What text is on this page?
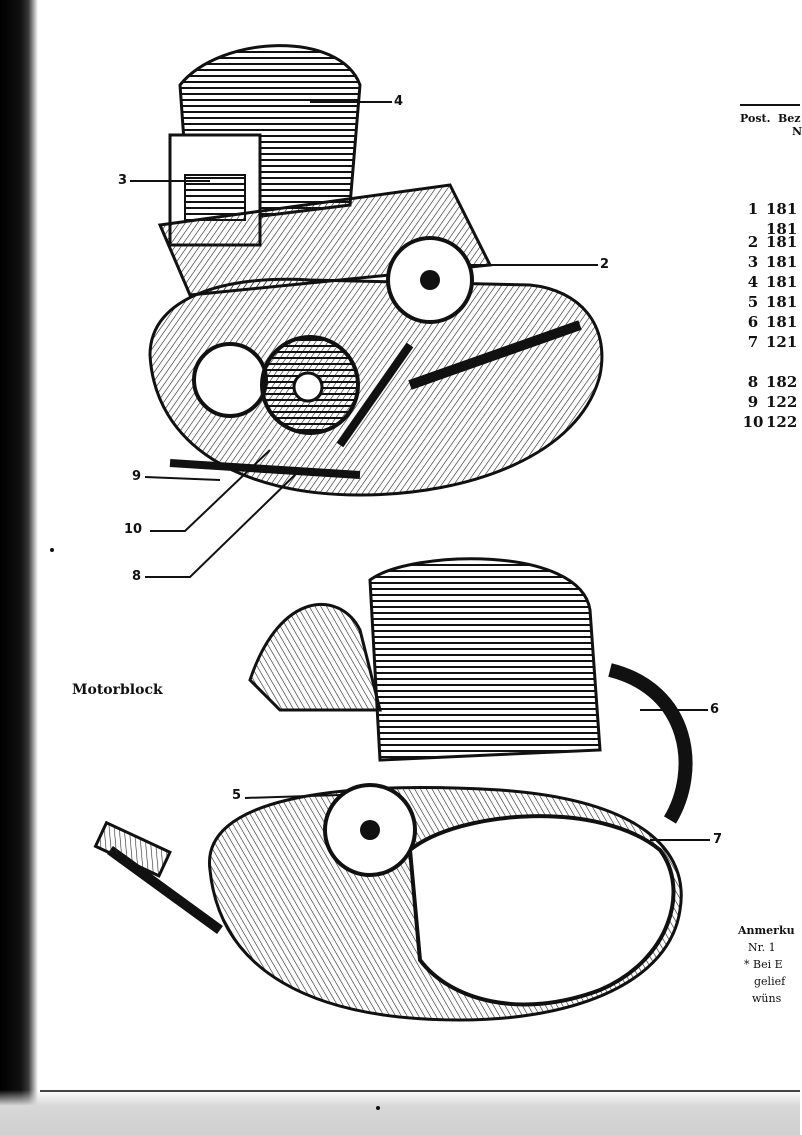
4
3
2
9
10
8
6
5
7
Motorblock
Post. Bez
N
1 181
181
2 181
3 181
4 181
5 181
6 181
7 121
8 182
9 122
10 122
Anmerku
Nr. 1
* Bei E
gelief
wüns
